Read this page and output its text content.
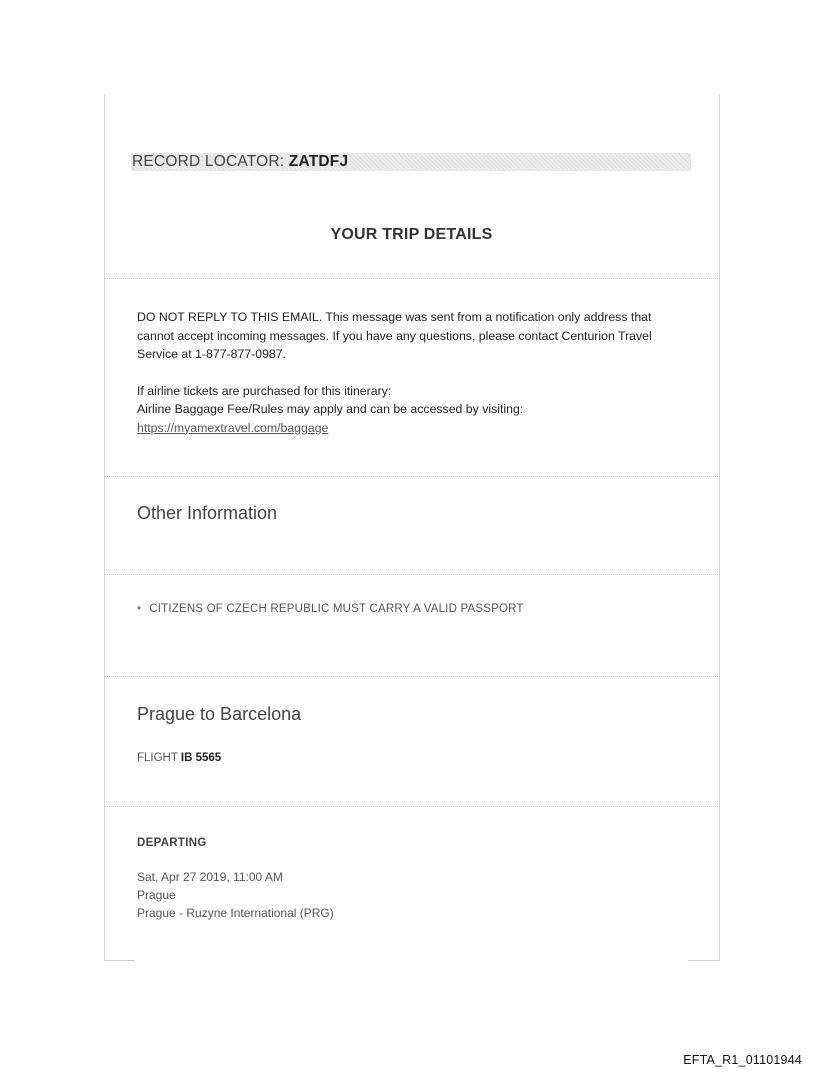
RECORD LOCATOR: ZATDFJ
YOUR TRIP DETAILS

DO NOT REPLY TO THIS EMAIL. This message was sent from a notification only address that cannot accept incoming messages. If you have any questions, please contact Centurion Travel Service at 1-877-877-0987.

If airline tickets are purchased for this itinerary:

Airline Baggage Fee/Rules may apply and can be accessed by visiting:

https://myamextravel.com/baggage

Other Information
• CITIZENS OF CZECH REPUBLIC MUST CARRY A VALID PASSPORT
Prague to Barcelona
FLIGHT IB 5565
DEPARTING
Sat, Apr 27 2019, 11:00 AM
Prague
Prague - Ruzyne International (PRG)
EFTA_R1_01101944
